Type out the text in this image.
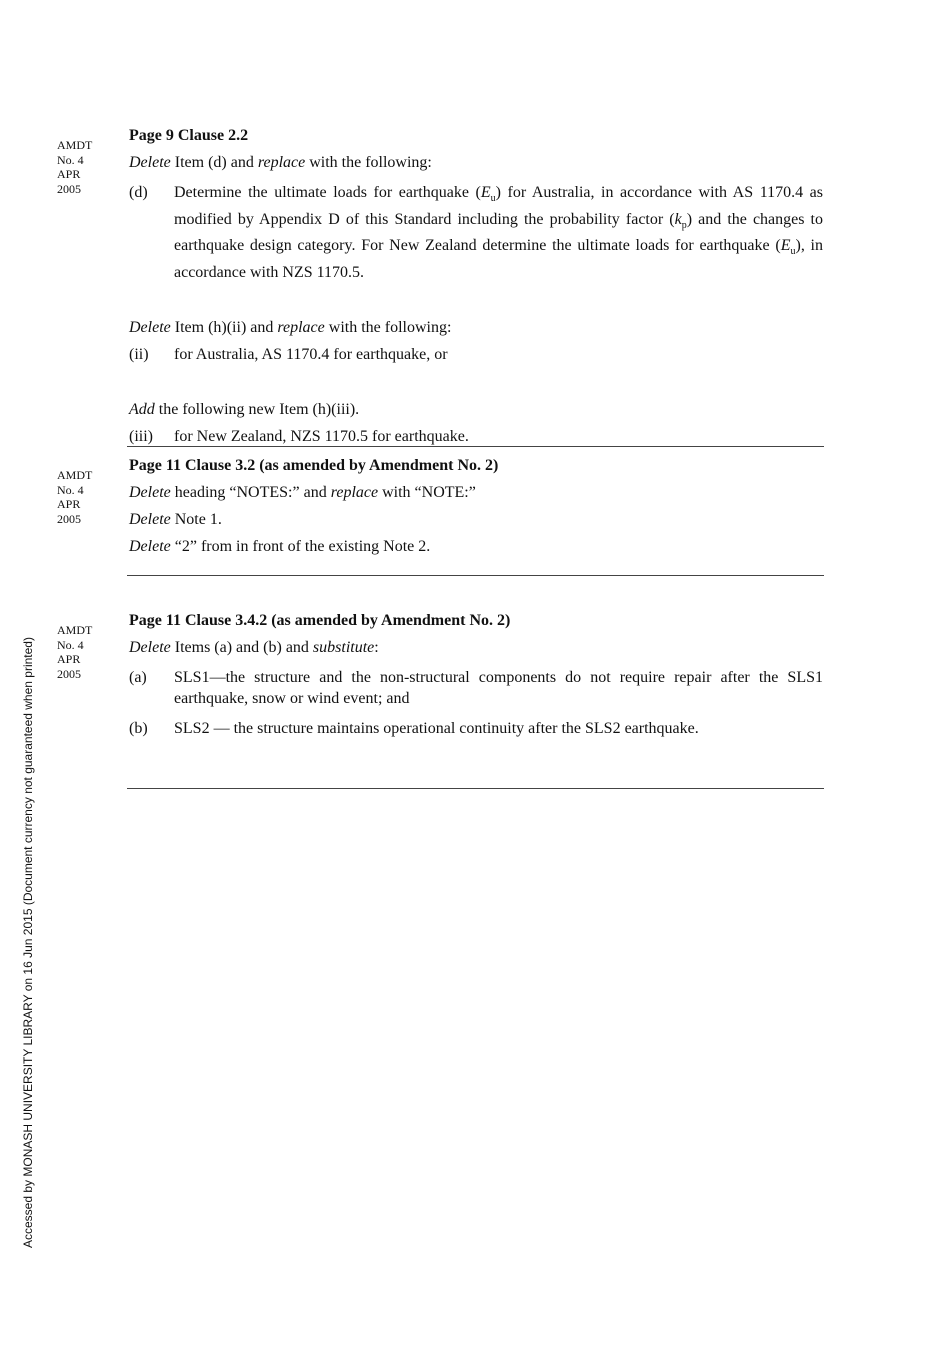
AMDT
No. 4
APR
2005
AMDT
No. 4
APR
2005
AMDT
No. 4
APR
2005
Page 9 Clause 2.2
Delete Item (d) and replace with the following:
(d)	Determine the ultimate loads for earthquake $(E_u)$ for Australia, in accordance with AS 1170.4 as modified by Appendix D of this Standard including the probability factor $(k_p)$ and the changes to earthquake design category. For New Zealand determine the ultimate loads for earthquake $(E_u)$, in accordance with NZS 1170.5.
Delete Item (h)(ii) and replace with the following:
(ii)	for Australia, AS 1170.4 for earthquake, or
Add the following new Item (h)(iii).
(iii)	for New Zealand, NZS 1170.5 for earthquake.
Page 11 Clause 3.2 (as amended by Amendment No. 2)
Delete heading “NOTES:” and replace with “NOTE:”
Delete Note 1.
Delete “2” from in front of the existing Note 2.
Page 11 Clause 3.4.2 (as amended by Amendment No. 2)
Delete Items (a) and (b) and substitute:
(a)	SLS1—the structure and the non-structural components do not require repair after the SLS1 earthquake, snow or wind event; and
(b)	SLS2 — the structure maintains operational continuity after the SLS2 earthquake.
Accessed by MONASH UNIVERSITY LIBRARY on 16 Jun 2015 (Document currency not guaranteed when printed)
